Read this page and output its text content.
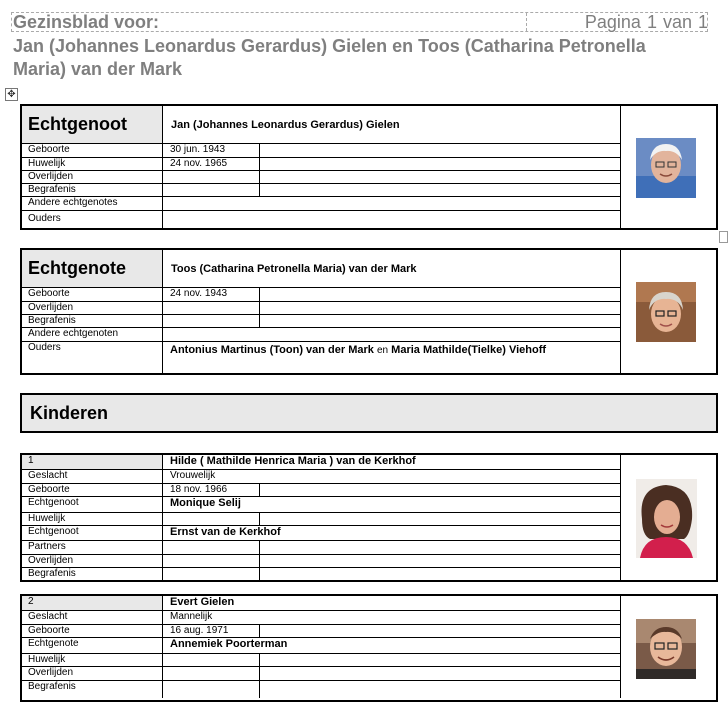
Gezinsblad voor:	Pagina 1 van 1
Jan (Johannes Leonardus Gerardus) Gielen en Toos (Catharina Petronella Maria) van der Mark
✥
Echtgenoot	Jan (Johannes Leonardus Gerardus) Gielen
Geboorte	30 jun. 1943
Huwelijk	24 nov. 1965
Overlijden
Begrafenis
Andere echtgenotes
Ouders
Echtgenote	Toos (Catharina Petronella Maria) van der Mark
Geboorte	24 nov. 1943
Overlijden
Begrafenis
Andere echtgenoten
Ouders	Antonius Martinus (Toon) van der Mark en Maria Mathilde(Tielke) Viehoff
Kinderen
1	Hilde ( Mathilde Henrica Maria ) van de Kerkhof
Geslacht	Vrouwelijk
Geboorte	18 nov. 1966
Echtgenoot	Monique Selij
Huwelijk
Echtgenoot	Ernst van de Kerkhof
Partners
Overlijden
Begrafenis
2	Evert Gielen
Geslacht	Mannelijk
Geboorte	16 aug. 1971
Echtgenote	Annemiek Poorterman
Huwelijk
Overlijden
Begrafenis
